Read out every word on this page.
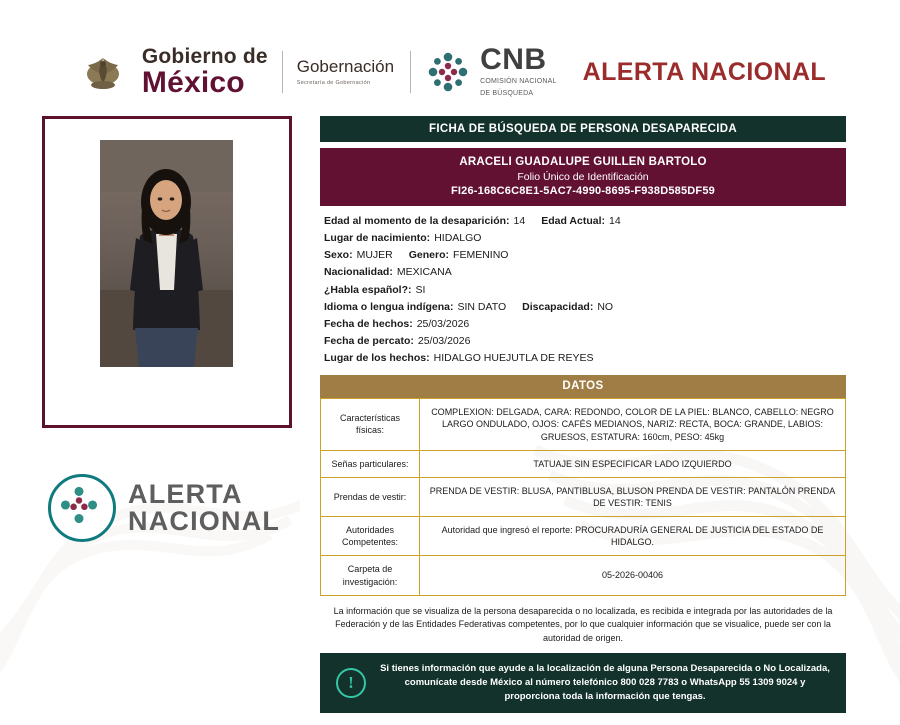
Gobierno de
México	Gobernación
Secretaría de Gobernación
CNB
COMISIÓN NACIONAL
DE BÚSQUEDA
ALERTA NACIONAL
ALERTA
NACIONAL
FICHA DE BÚSQUEDA DE PERSONA DESAPARECIDA
ARACELI GUADALUPE GUILLEN BARTOLO
Folio Único de Identificación
FI26-168C6C8E1-5AC7-4990-8695-F938D585DF59
Edad al momento de la desaparición: 14 Edad Actual: 14
Lugar de nacimiento: HIDALGO
Sexo: MUJER Genero: FEMENINO
Nacionalidad: MEXICANA
¿Habla español?: SI
Idioma o lengua indígena: SIN DATO Discapacidad: NO
Fecha de hechos: 25/03/2026
Fecha de percato: 25/03/2026
Lugar de los hechos: HIDALGO HUEJUTLA DE REYES
DATOS
Características físicas:	COMPLEXION: DELGADA, CARA: REDONDO, COLOR DE LA PIEL: BLANCO, CABELLO: NEGRO LARGO ONDULADO, OJOS: CAFÉS MEDIANOS, NARIZ: RECTA, BOCA: GRANDE, LABIOS: GRUESOS, ESTATURA: 160cm, PESO: 45kg
Señas particulares:	TATUAJE SIN ESPECIFICAR LADO IZQUIERDO
Prendas de vestir:	PRENDA DE VESTIR: BLUSA, PANTIBLUSA, BLUSON PRENDA DE VESTIR: PANTALÓN PRENDA DE VESTIR: TENIS
Autoridades Competentes:	Autoridad que ingresó el reporte: PROCURADURÍA GENERAL DE JUSTICIA DEL ESTADO DE HIDALGO.
Carpeta de investigación:	05-2026-00406
La información que se visualiza de la persona desaparecida o no localizada, es recibida e integrada por las autoridades de la Federación y de las Entidades Federativas competentes, por lo que cualquier información que se visualice, puede ser con la autoridad de origen.
!
Si tienes información que ayude a la localización de alguna Persona Desaparecida o No Localizada, comunícate desde México al número telefónico 800 028 7783 o WhatsApp 55 1309 9024 y proporciona toda la información que tengas.
